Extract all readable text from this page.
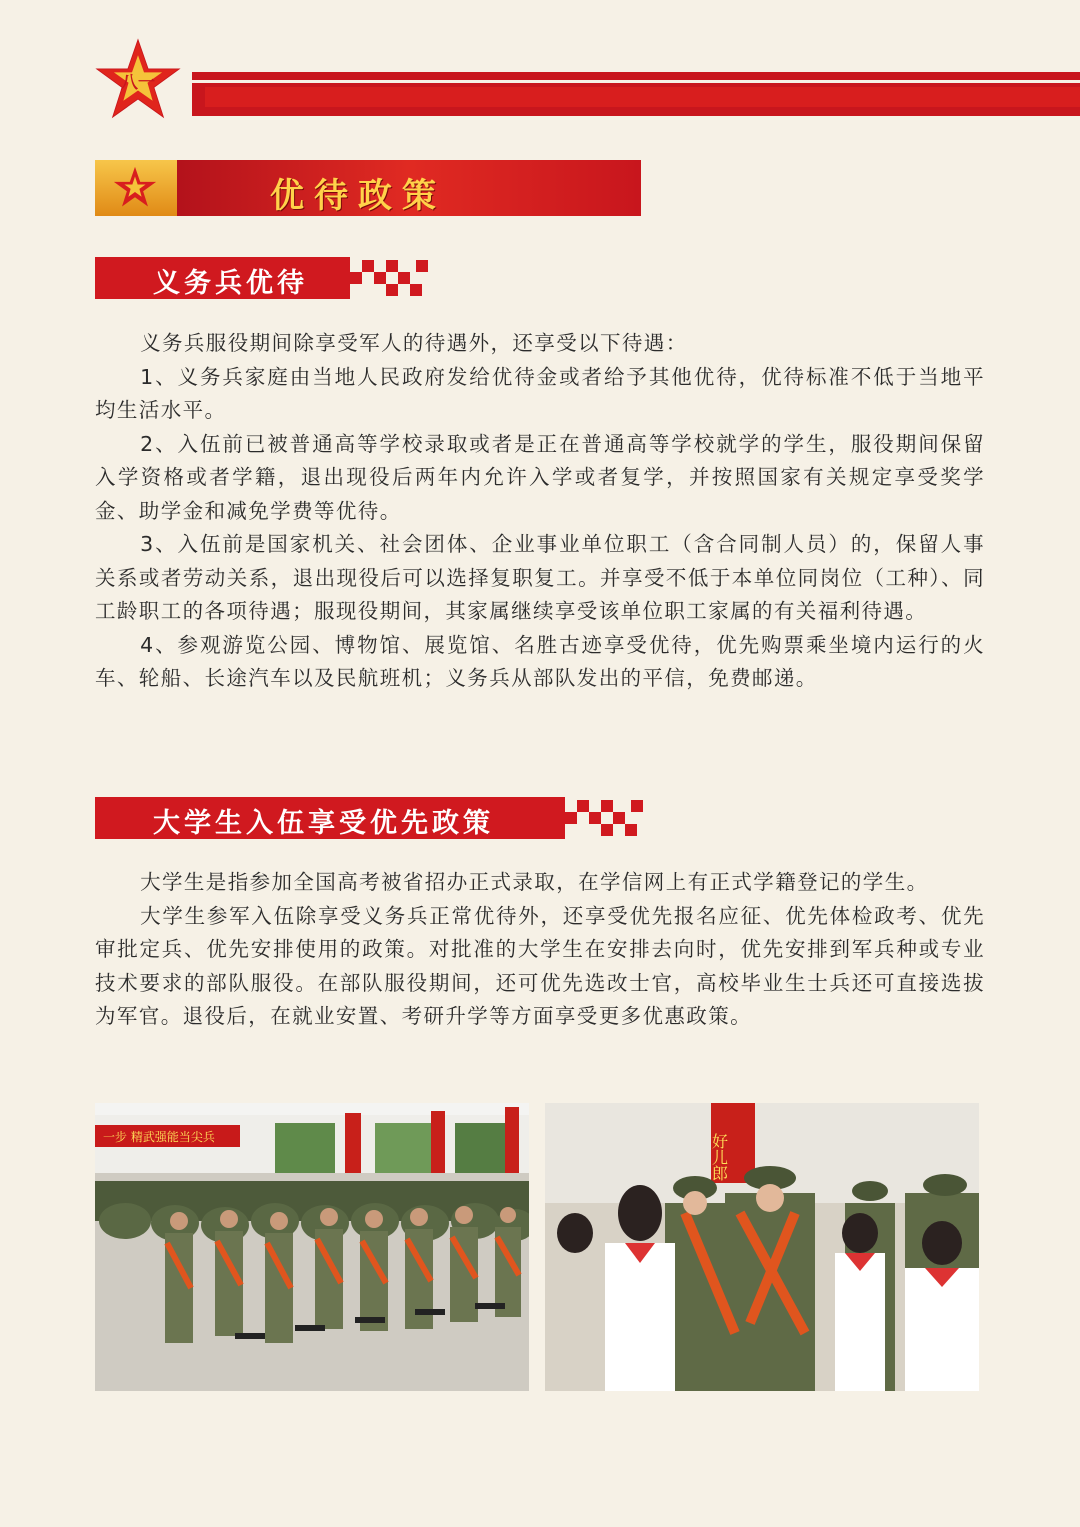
八一
优待政策
义务兵优待

义务兵服役期间除享受军人的待遇外，还享受以下待遇：

1、义务兵家庭由当地人民政府发给优待金或者给予其他优待，优待标准不低于当地平均生活水平。

2、入伍前已被普通高等学校录取或者是正在普通高等学校就学的学生，服役期间保留入学资格或者学籍，退出现役后两年内允许入学或者复学，并按照国家有关规定享受奖学金、助学金和减免学费等优待。

3、入伍前是国家机关、社会团体、企业事业单位职工（含合同制人员）的，保留人事关系或者劳动关系，退出现役后可以选择复职复工。并享受不低于本单位同岗位（工种）、同工龄职工的各项待遇；服现役期间，其家属继续享受该单位职工家属的有关福利待遇。

4、参观游览公园、博物馆、展览馆、名胜古迹享受优待，优先购票乘坐境内运行的火车、轮船、长途汽车以及民航班机；义务兵从部队发出的平信，免费邮递。

大学生入伍享受优先政策

大学生是指参加全国高考被省招办正式录取，在学信网上有正式学籍登记的学生。

大学生参军入伍除享受义务兵正常优待外，还享受优先报名应征、优先体检政考、优先审批定兵、优先安排使用的政策。对批准的大学生在安排去向时，优先安排到军兵种或专业技术要求的部队服役。在部队服役期间，还可优先选改士官，高校毕业生士兵还可直接选拔为军官。退役后，在就业安置、考研升学等方面享受更多优惠政策。

一步 精武强能当尖兵	好儿郎
